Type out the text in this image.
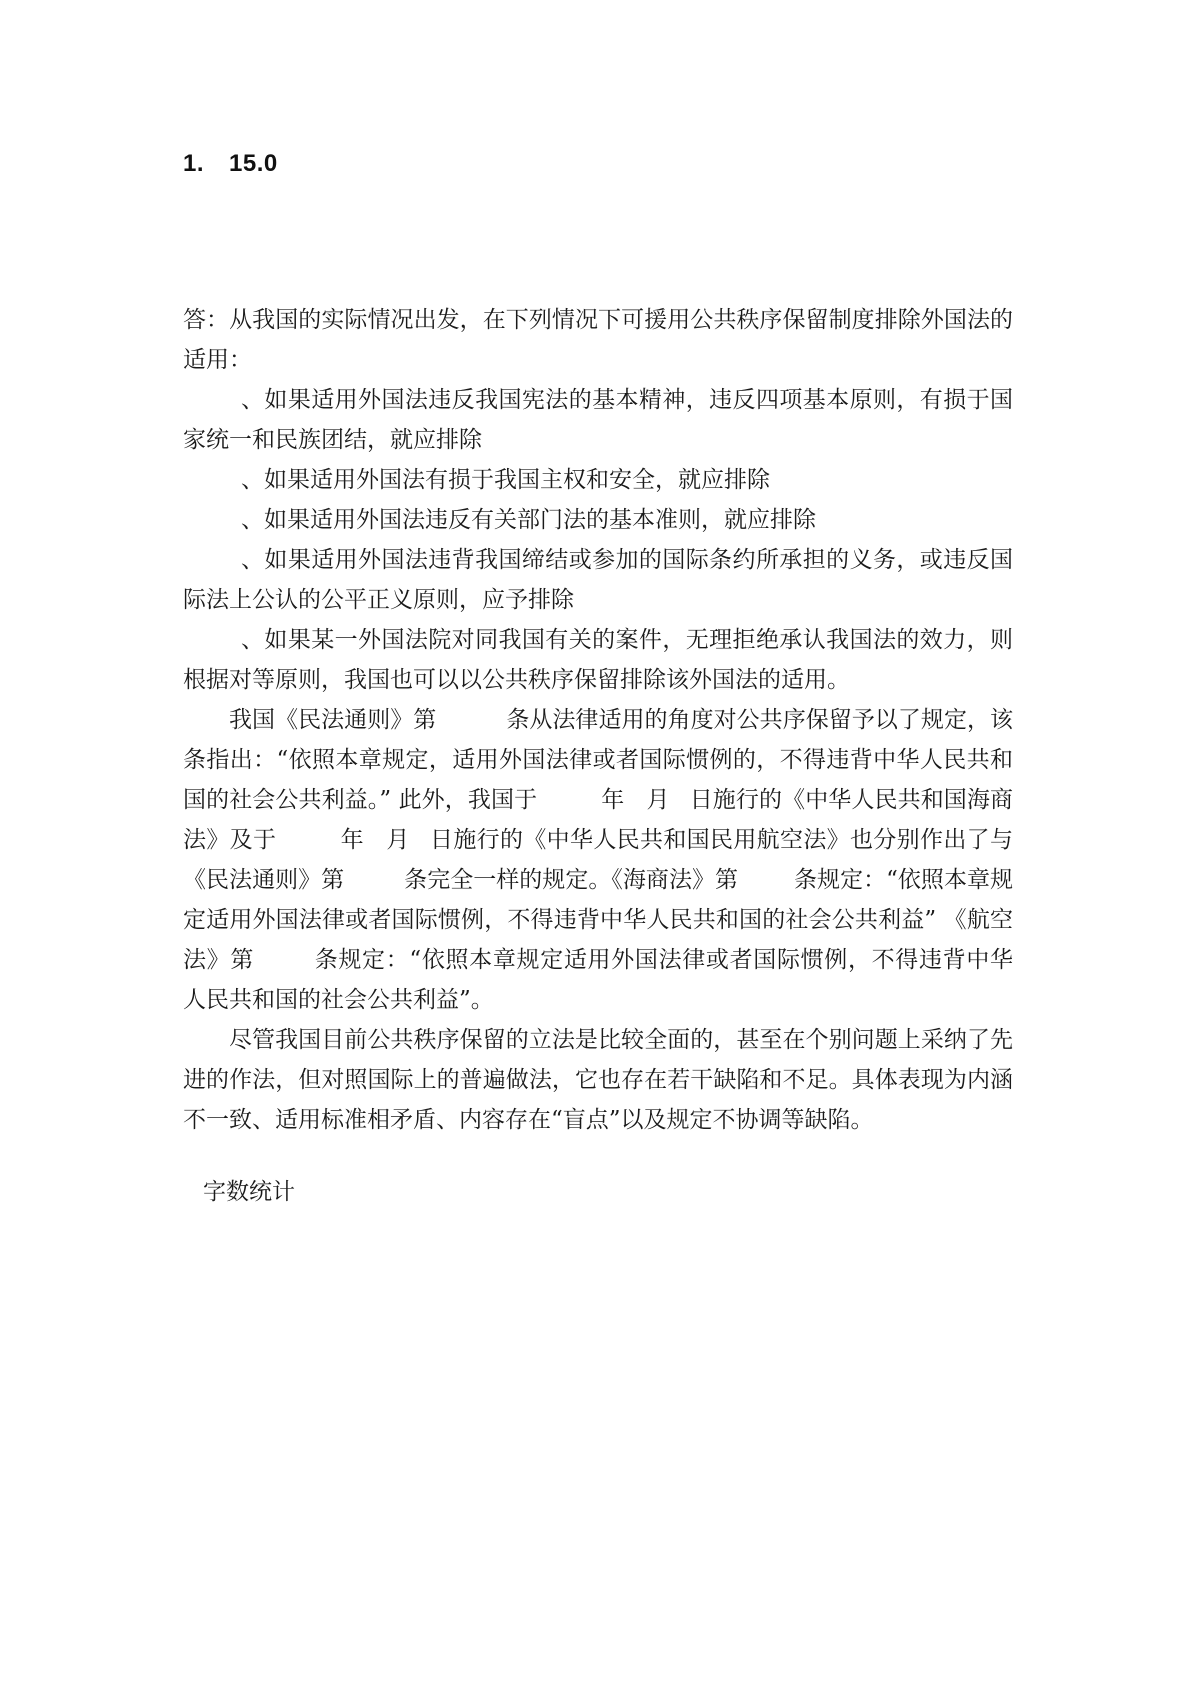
1. 15.0

答：从我国的实际情况出发，在下列情况下可援用公共秩序保留制度排除外国法的适用：

、如果适用外国法违反我国宪法的基本精神，违反四项基本原则，有损于国家统一和民族团结，就应排除

、如果适用外国法有损于我国主权和安全，就应排除

、如果适用外国法违反有关部门法的基本准则，就应排除

、如果适用外国法违背我国缔结或参加的国际条约所承担的义务，或违反国际法上公认的公平正义原则，应予排除

、如果某一外国法院对同我国有关的案件，无理拒绝承认我国法的效力，则根据对等原则，我国也可以以公共秩序保留排除该外国法的适用。

我国《民法通则》第	条从法律适用的角度对公共序保留予以了规定，该条指出：“依照本章规定，适用外国法律或者国际惯例的，不得违背中华人民共和国的社会公共利益。” 此外，我国于	年 月 日施行的《中华人民共和国海商法》及于	年 月 日施行的《中华人民共和国民用航空法》也分别作出了与《民法通则》第	条完全一样的规定。《海商法》第 条规定：“依照本章规定适用外国法律或者国际惯例，不得违背中华人民共和国的社会公共利益” 《航空法》第	条规定：“依照本章规定适用外国法律或者国际惯例，不得违背中华人民共和国的社会公共利益”。

尽管我国目前公共秩序保留的立法是比较全面的，甚至在个别问题上采纳了先进的作法，但对照国际上的普遍做法，它也存在若干缺陷和不足。具体表现为内涵不一致、适用标准相矛盾、内容存在“盲点”以及规定不协调等缺陷。

字数统计
